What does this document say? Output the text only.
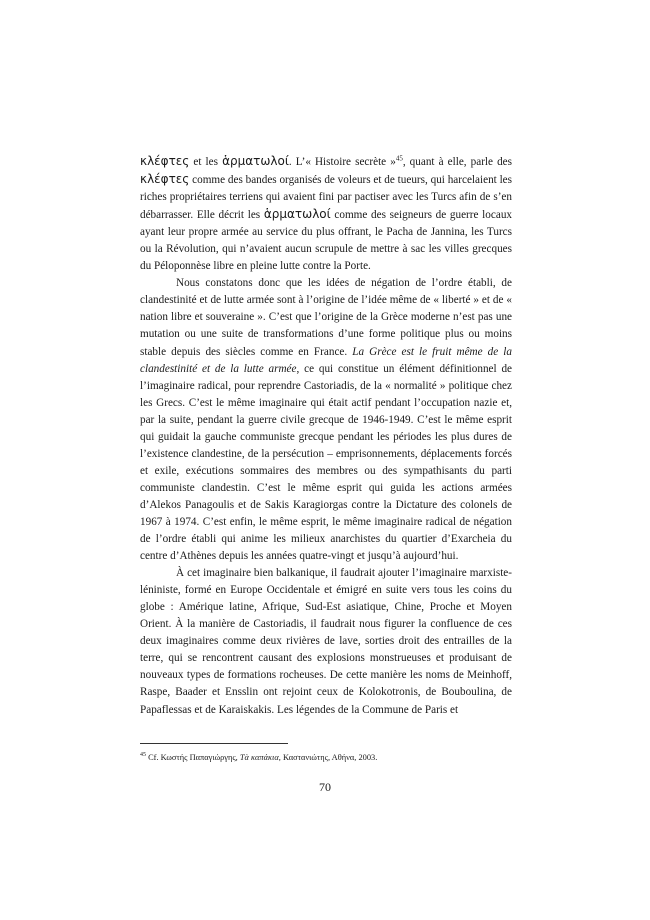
κλέφτες et les ἁρματωλοί. L’« Histoire secrète »$^{45}$, quant à elle, parle des κλέφτες comme des bandes organisés de voleurs et de tueurs, qui harcelaient les riches propriétaires terriens qui avaient fini par pactiser avec les Turcs afin de s’en débarrasser. Elle décrit les ἁρματωλοί comme des seigneurs de guerre locaux ayant leur propre armée au service du plus offrant, le Pacha de Jannina, les Turcs ou la Révolution, qui n’avaient aucun scrupule de mettre à sac les villes grecques du Péloponnèse libre en pleine lutte contre la Porte.

Nous constatons donc que les idées de négation de l’ordre établi, de clandestinité et de lutte armée sont à l’origine de l’idée même de « liberté » et de « nation libre et souveraine ». C’est que l’origine de la Grèce moderne n’est pas une mutation ou une suite de transformations d’une forme politique plus ou moins stable depuis des siècles comme en France. La Grèce est le fruit même de la clandestinité et de la lutte armée, ce qui constitue un élément définitionnel de l’imaginaire radical, pour reprendre Castoriadis, de la « normalité » politique chez les Grecs. C’est le même imaginaire qui était actif pendant l’occupation nazie et, par la suite, pendant la guerre civile grecque de 1946-1949. C’est le même esprit qui guidait la gauche communiste grecque pendant les périodes les plus dures de l’existence clandestine, de la persécution – emprisonnements, déplacements forcés et exile, exécutions sommaires des membres ou des sympathisants du parti communiste clandestin. C’est le même esprit qui guida les actions armées d’Alekos Panagoulis et de Sakis Karagiorgas contre la Dictature des colonels de 1967 à 1974. C’est enfin, le même esprit, le même imaginaire radical de négation de l’ordre établi qui anime les milieux anarchistes du quartier d’Exarcheia du centre d’Athènes depuis les années quatre-vingt et jusqu’à aujourd’hui.

À cet imaginaire bien balkanique, il faudrait ajouter l’imaginaire marxiste-léniniste, formé en Europe Occidentale et émigré en suite vers tous les coins du globe : Amérique latine, Afrique, Sud-Est asiatique, Chine, Proche et Moyen Orient. À la manière de Castoriadis, il faudrait nous figurer la confluence de ces deux imaginaires comme deux rivières de lave, sorties droit des entrailles de la terre, qui se rencontrent causant des explosions monstrueuses et produisant de nouveaux types de formations rocheuses. De cette manière les noms de Meinhoff, Raspe, Baader et Ensslin ont rejoint ceux de Kolokotronis, de Bouboulina, de Papaflessas et de Karaiskakis. Les légendes de la Commune de Paris et

$^{45}$ Cf. Κωστής Παπαγιώργης, Τὰ καπάκια, Καστανιώτης, Αθήνα, 2003.
70
